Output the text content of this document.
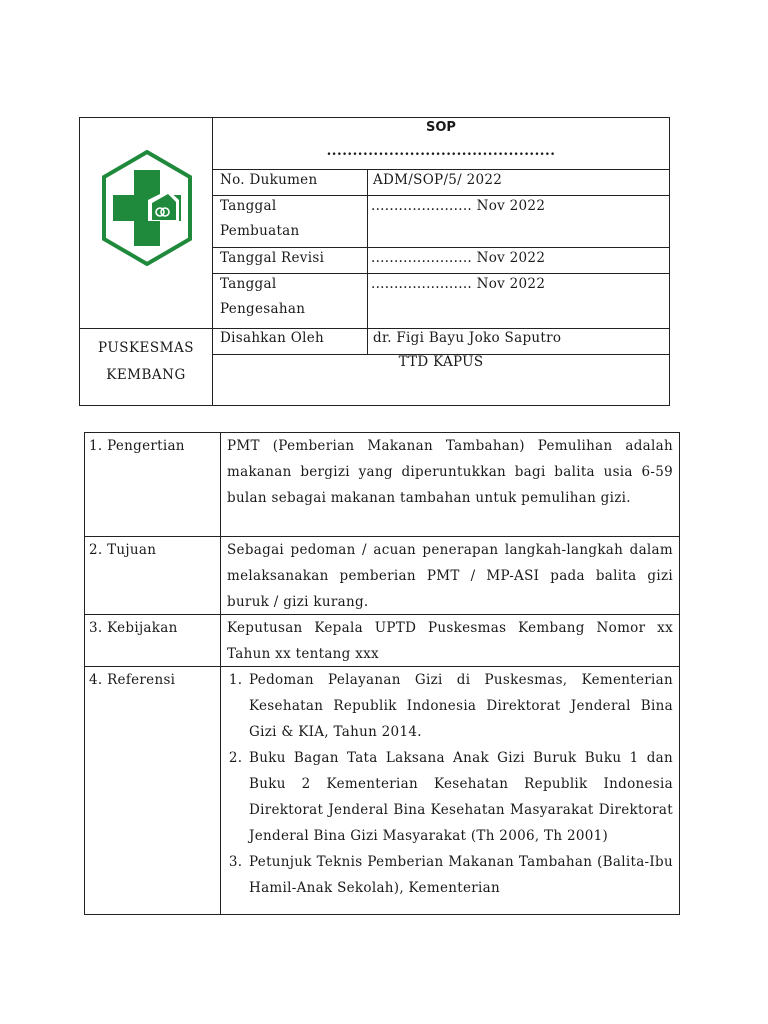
PUSKESMAS
KEMBANG
SOP
............................................
No. Dukumen	ADM/SOP/5/ 2022
Tanggal Pembuatan
...................... Nov 2022
Tanggal Revisi	...................... Nov 2022
Tanggal Pengesahan
...................... Nov 2022
Disahkan Oleh	dr. Figi Bayu Joko Saputro
TTD KAPUS
1. Pengertian	PMT (Pemberian Makanan Tambahan) Pemulihan adalah makanan bergizi yang diperuntukkan bagi balita usia 6-59 bulan sebagai makanan tambahan untuk pemulihan gizi.
2. Tujuan	Sebagai pedoman / acuan penerapan langkah-langkah dalam melaksanakan pemberian PMT / MP-ASI pada balita gizi buruk / gizi kurang.
3. Kebijakan	Keputusan Kepala UPTD Puskesmas Kembang Nomor xx Tahun xx tentang xxx
4. Referensi
1.	Pedoman Pelayanan Gizi di Puskesmas, Kementerian Kesehatan Republik Indonesia Direktorat Jenderal Bina Gizi & KIA, Tahun 2014.
2. Buku Bagan Tata Laksana Anak Gizi Buruk Buku 1 dan Buku 2 Kementerian Kesehatan Republik Indonesia Direktorat Jenderal Bina Kesehatan Masyarakat Direktorat Jenderal Bina Gizi Masyarakat (Th 2006, Th 2001)
3. Petunjuk Teknis Pemberian Makanan Tambahan (Balita-Ibu Hamil-Anak Sekolah), Kementerian
